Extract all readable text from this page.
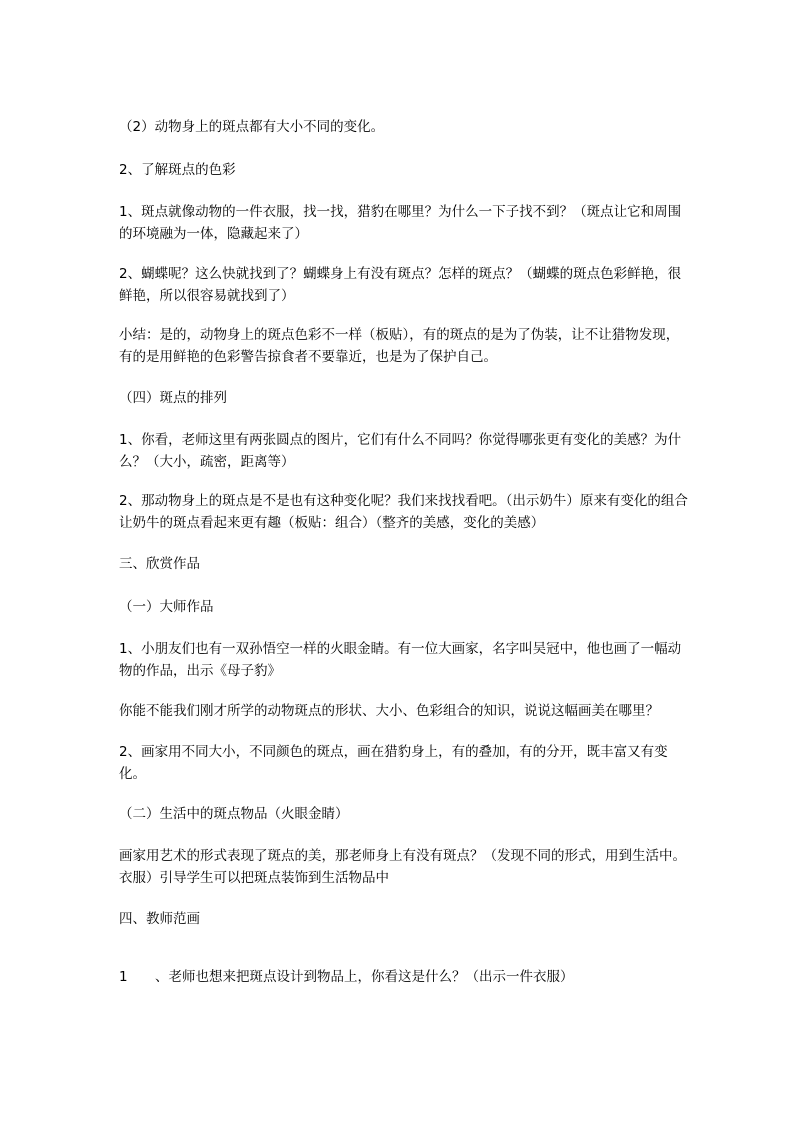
（2）动物身上的斑点都有大小不同的变化。

2、了解斑点的色彩

1、斑点就像动物的一件衣服，找一找，猎豹在哪里？为什么一下子找不到？（斑点让它和周围的环境融为一体，隐藏起来了）

2、蝴蝶呢？这么快就找到了？蝴蝶身上有没有斑点？怎样的斑点？（蝴蝶的斑点色彩鲜艳，很鲜艳，所以很容易就找到了）

小结：是的，动物身上的斑点色彩不一样（板贴），有的斑点的是为了伪装，让不让猎物发现，有的是用鲜艳的色彩警告掠食者不要靠近，也是为了保护自己。

（四）斑点的排列

1、你看，老师这里有两张圆点的图片，它们有什么不同吗？你觉得哪张更有变化的美感？为什么？（大小，疏密，距离等）

2、那动物身上的斑点是不是也有这种变化呢？我们来找找看吧。（出示奶牛）原来有变化的组合让奶牛的斑点看起来更有趣（板贴：组合）（整齐的美感，变化的美感）

三、欣赏作品

（一）大师作品

1、小朋友们也有一双孙悟空一样的火眼金睛。有一位大画家，名字叫吴冠中，他也画了一幅动物的作品，出示《母子豹》

你能不能我们刚才所学的动物斑点的形状、大小、色彩组合的知识，说说这幅画美在哪里？

2、画家用不同大小，不同颜色的斑点，画在猎豹身上，有的叠加，有的分开，既丰富又有变化。

（二）生活中的斑点物品（火眼金睛）

画家用艺术的形式表现了斑点的美，那老师身上有没有斑点？（发现不同的形式，用到生活中。衣服）引导学生可以把斑点装饰到生活物品中

四、教师范画

1 、老师也想来把斑点设计到物品上，你看这是什么？（出示一件衣服）
